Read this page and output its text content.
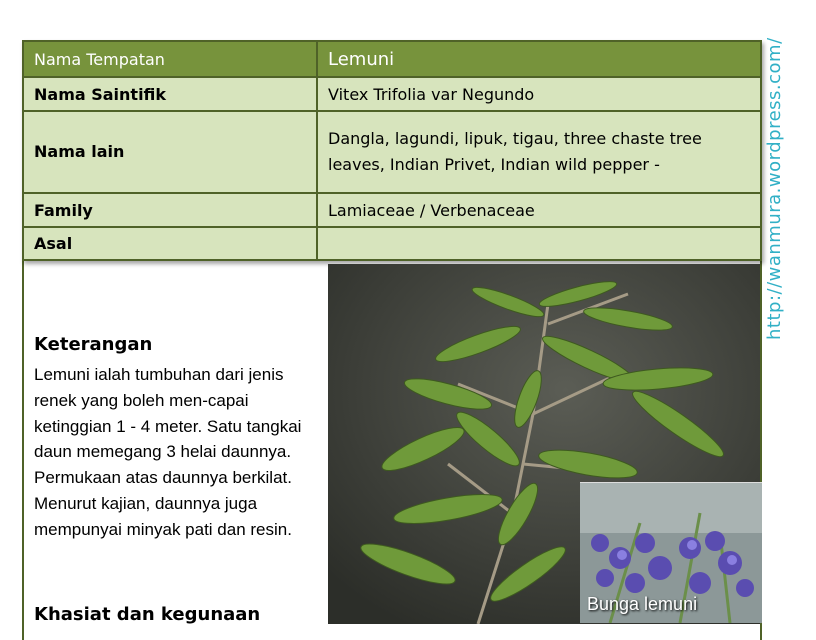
Nama Tempatan	Lemuni
Nama Saintifik	Vitex Trifolia var Negundo
Nama lain	Dangla, lagundi, lipuk, tigau, three chaste tree
leaves, Indian Privet, Indian wild pepper -
Family	Lamiaceae / Verbenaceae
Asal		http://wanmura.wordpress.com/
Keterangan

Lemuni ialah tumbuhan dari jenis renek yang boleh men-capai ketinggian 1 - 4 meter. Satu tangkai daun memegang 3 helai daunnya. Permukaan atas daunnya berkilat. Menurut kajian, daunnya juga mempunyai minyak pati dan resin.

Khasiat dan kegunaan	Bunga lemuni
